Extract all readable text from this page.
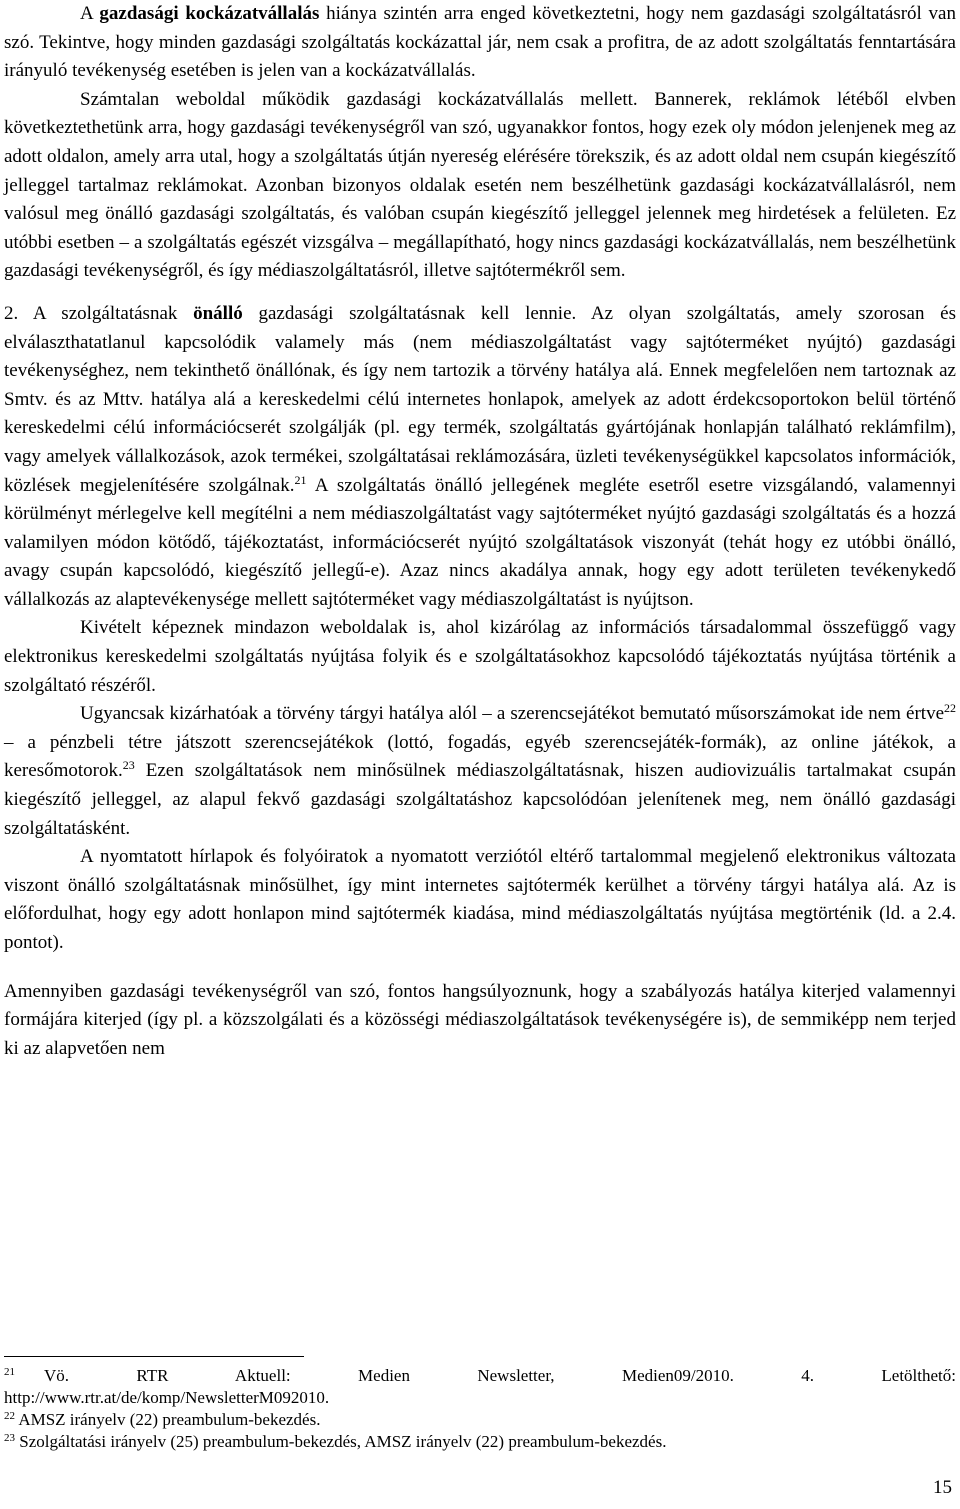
A gazdasági kockázatvállalás hiánya szintén arra enged következtetni, hogy nem gazdasági szolgáltatásról van szó. Tekintve, hogy minden gazdasági szolgáltatás kockázattal jár, nem csak a profitra, de az adott szolgáltatás fenntartására irányuló tevékenység esetében is jelen van a kockázatvállalás.

Számtalan weboldal működik gazdasági kockázatvállalás mellett. Bannerek, reklámok létéből elvben következtethetünk arra, hogy gazdasági tevékenységről van szó, ugyanakkor fontos, hogy ezek oly módon jelenjenek meg az adott oldalon, amely arra utal, hogy a szolgáltatás útján nyereség elérésére törekszik, és az adott oldal nem csupán kiegészítő jelleggel tartalmaz reklámokat. Azonban bizonyos oldalak esetén nem beszélhetünk gazdasági kockázatvállalásról, nem valósul meg önálló gazdasági szolgáltatás, és valóban csupán kiegészítő jelleggel jelennek meg hirdetések a felületen. Ez utóbbi esetben – a szolgáltatás egészét vizsgálva – megállapítható, hogy nincs gazdasági kockázatvállalás, nem beszélhetünk gazdasági tevékenységről, és így médiaszolgáltatásról, illetve sajtótermékről sem.

2. A szolgáltatásnak önálló gazdasági szolgáltatásnak kell lennie. Az olyan szolgáltatás, amely szorosan és elválaszthatatlanul kapcsolódik valamely más (nem médiaszolgáltatást vagy sajtóterméket nyújtó) gazdasági tevékenységhez, nem tekinthető önállónak, és így nem tartozik a törvény hatálya alá. Ennek megfelelően nem tartoznak az Smtv. és az Mttv. hatálya alá a kereskedelmi célú internetes honlapok, amelyek az adott érdekcsoportokon belül történő kereskedelmi célú információcserét szolgálják (pl. egy termék, szolgáltatás gyártójának honlapján található reklámfilm), vagy amelyek vállalkozások, azok termékei, szolgáltatásai reklámozására, üzleti tevékenységükkel kapcsolatos információk, közlések megjelenítésére szolgálnak.$^{21}$ A szolgáltatás önálló jellegének megléte esetről esetre vizsgálandó, valamennyi körülményt mérlegelve kell megítélni a nem médiaszolgáltatást vagy sajtóterméket nyújtó gazdasági szolgáltatás és a hozzá valamilyen módon kötődő, tájékoztatást, információcserét nyújtó szolgáltatások viszonyát (tehát hogy ez utóbbi önálló, avagy csupán kapcsolódó, kiegészítő jellegű-e). Azaz nincs akadálya annak, hogy egy adott területen tevékenykedő vállalkozás az alaptevékenysége mellett sajtóterméket vagy médiaszolgáltatást is nyújtson.

Kivételt képeznek mindazon weboldalak is, ahol kizárólag az információs társadalommal összefüggő vagy elektronikus kereskedelmi szolgáltatás nyújtása folyik és e szolgáltatásokhoz kapcsolódó tájékoztatás nyújtása történik a szolgáltató részéről.

Ugyancsak kizárhatóak a törvény tárgyi hatálya alól – a szerencsejátékot bemutató műsorszámokat ide nem értve$^{22}$ – a pénzbeli tétre játszott szerencsejátékok (lottó, fogadás, egyéb szerencsejáték-formák), az online játékok, a keresőmotorok.$^{23}$ Ezen szolgáltatások nem minősülnek médiaszolgáltatásnak, hiszen audiovizuális tartalmakat csupán kiegészítő jelleggel, az alapul fekvő gazdasági szolgáltatáshoz kapcsolódóan jelenítenek meg, nem önálló gazdasági szolgáltatásként.

A nyomtatott hírlapok és folyóiratok a nyomatott verziótól eltérő tartalommal megjelenő elektronikus változata viszont önálló szolgáltatásnak minősülhet, így mint internetes sajtótermék kerülhet a törvény tárgyi hatálya alá. Az is előfordulhat, hogy egy adott honlapon mind sajtótermék kiadása, mind médiaszolgáltatás nyújtása megtörténik (ld. a 2.4. pontot).

Amennyiben gazdasági tevékenységről van szó, fontos hangsúlyoznunk, hogy a szabályozás hatálya kiterjed valamennyi formájára kiterjed (így pl. a közszolgálati és a közösségi médiaszolgáltatások tevékenységére is), de semmiképp nem terjed ki az alapvetően nem

$^{21}$ Vö. RTR Aktuell: Medien Newsletter, Medien09/2010. 4. Letölthető:
http://www.rtr.at/de/komp/NewsletterM092010.
$^{22}$ AMSZ irányelv (22) preambulum-bekezdés.
$^{23}$ Szolgáltatási irányelv (25) preambulum-bekezdés, AMSZ irányelv (22) preambulum-bekezdés.
15
